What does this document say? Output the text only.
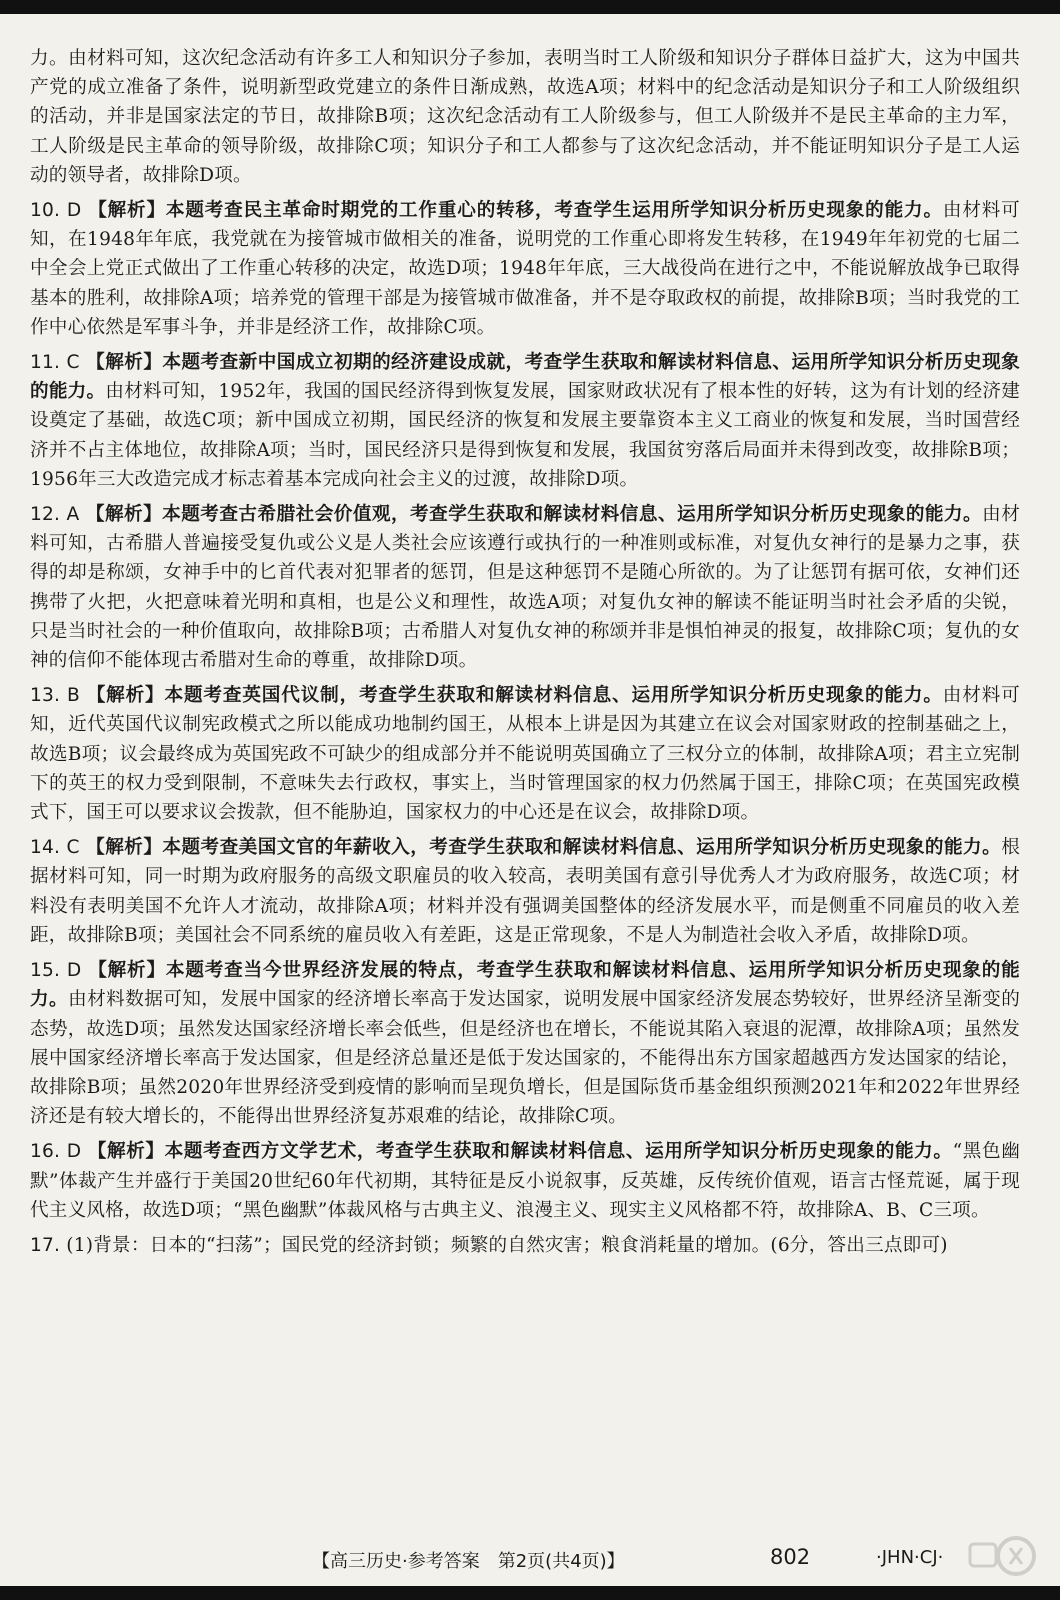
力。由材料可知，这次纪念活动有许多工人和知识分子参加，表明当时工人阶级和知识分子群体日益扩大，这为中国共产党的成立准备了条件，说明新型政党建立的条件日渐成熟，故选A项；材料中的纪念活动是知识分子和工人阶级组织的活动，并非是国家法定的节日，故排除B项；这次纪念活动有工人阶级参与，但工人阶级并不是民主革命的主力军，工人阶级是民主革命的领导阶级，故排除C项；知识分子和工人都参与了这次纪念活动，并不能证明知识分子是工人运动的领导者，故排除D项。

10. D 【解析】本题考查民主革命时期党的工作重心的转移，考查学生运用所学知识分析历史现象的能力。由材料可知，在1948年年底，我党就在为接管城市做相关的准备，说明党的工作重心即将发生转移，在1949年年初党的七届二中全会上党正式做出了工作重心转移的决定，故选D项；1948年年底，三大战役尚在进行之中，不能说解放战争已取得基本的胜利，故排除A项；培养党的管理干部是为接管城市做准备，并不是夺取政权的前提，故排除B项；当时我党的工作中心依然是军事斗争，并非是经济工作，故排除C项。

11. C 【解析】本题考查新中国成立初期的经济建设成就，考查学生获取和解读材料信息、运用所学知识分析历史现象的能力。由材料可知，1952年，我国的国民经济得到恢复发展，国家财政状况有了根本性的好转，这为有计划的经济建设奠定了基础，故选C项；新中国成立初期，国民经济的恢复和发展主要靠资本主义工商业的恢复和发展，当时国营经济并不占主体地位，故排除A项；当时，国民经济只是得到恢复和发展，我国贫穷落后局面并未得到改变，故排除B项；1956年三大改造完成才标志着基本完成向社会主义的过渡，故排除D项。

12. A 【解析】本题考查古希腊社会价值观，考查学生获取和解读材料信息、运用所学知识分析历史现象的能力。由材料可知，古希腊人普遍接受复仇或公义是人类社会应该遵行或执行的一种准则或标准，对复仇女神行的是暴力之事，获得的却是称颂，女神手中的匕首代表对犯罪者的惩罚，但是这种惩罚不是随心所欲的。为了让惩罚有据可依，女神们还携带了火把，火把意味着光明和真相，也是公义和理性，故选A项；对复仇女神的解读不能证明当时社会矛盾的尖锐，只是当时社会的一种价值取向，故排除B项；古希腊人对复仇女神的称颂并非是惧怕神灵的报复，故排除C项；复仇的女神的信仰不能体现古希腊对生命的尊重，故排除D项。

13. B 【解析】本题考查英国代议制，考查学生获取和解读材料信息、运用所学知识分析历史现象的能力。由材料可知，近代英国代议制宪政模式之所以能成功地制约国王，从根本上讲是因为其建立在议会对国家财政的控制基础之上，故选B项；议会最终成为英国宪政不可缺少的组成部分并不能说明英国确立了三权分立的体制，故排除A项；君主立宪制下的英王的权力受到限制，不意味失去行政权，事实上，当时管理国家的权力仍然属于国王，排除C项；在英国宪政模式下，国王可以要求议会拨款，但不能胁迫，国家权力的中心还是在议会，故排除D项。

14. C 【解析】本题考查美国文官的年薪收入，考查学生获取和解读材料信息、运用所学知识分析历史现象的能力。根据材料可知，同一时期为政府服务的高级文职雇员的收入较高，表明美国有意引导优秀人才为政府服务，故选C项；材料没有表明美国不允许人才流动，故排除A项；材料并没有强调美国整体的经济发展水平，而是侧重不同雇员的收入差距，故排除B项；美国社会不同系统的雇员收入有差距，这是正常现象，不是人为制造社会收入矛盾，故排除D项。

15. D 【解析】本题考查当今世界经济发展的特点，考查学生获取和解读材料信息、运用所学知识分析历史现象的能力。由材料数据可知，发展中国家的经济增长率高于发达国家，说明发展中国家经济发展态势较好，世界经济呈渐变的态势，故选D项；虽然发达国家经济增长率会低些，但是经济也在增长，不能说其陷入衰退的泥潭，故排除A项；虽然发展中国家经济增长率高于发达国家，但是经济总量还是低于发达国家的，不能得出东方国家超越西方发达国家的结论，故排除B项；虽然2020年世界经济受到疫情的影响而呈现负增长，但是国际货币基金组织预测2021年和2022年世界经济还是有较大增长的，不能得出世界经济复苏艰难的结论，故排除C项。

16. D 【解析】本题考查西方文学艺术，考查学生获取和解读材料信息、运用所学知识分析历史现象的能力。“黑色幽默”体裁产生并盛行于美国20世纪60年代初期，其特征是反小说叙事，反英雄，反传统价值观，语言古怪荒诞，属于现代主义风格，故选D项；“黑色幽默”体裁风格与古典主义、浪漫主义、现实主义风格都不符，故排除A、B、C三项。

17. (1)背景：日本的“扫荡”；国民党的经济封锁；频繁的自然灾害；粮食消耗量的增加。(6分，答出三点即可)

【高三历史·参考答案　第2页(共4页)】	802	·JHN·CJ·
